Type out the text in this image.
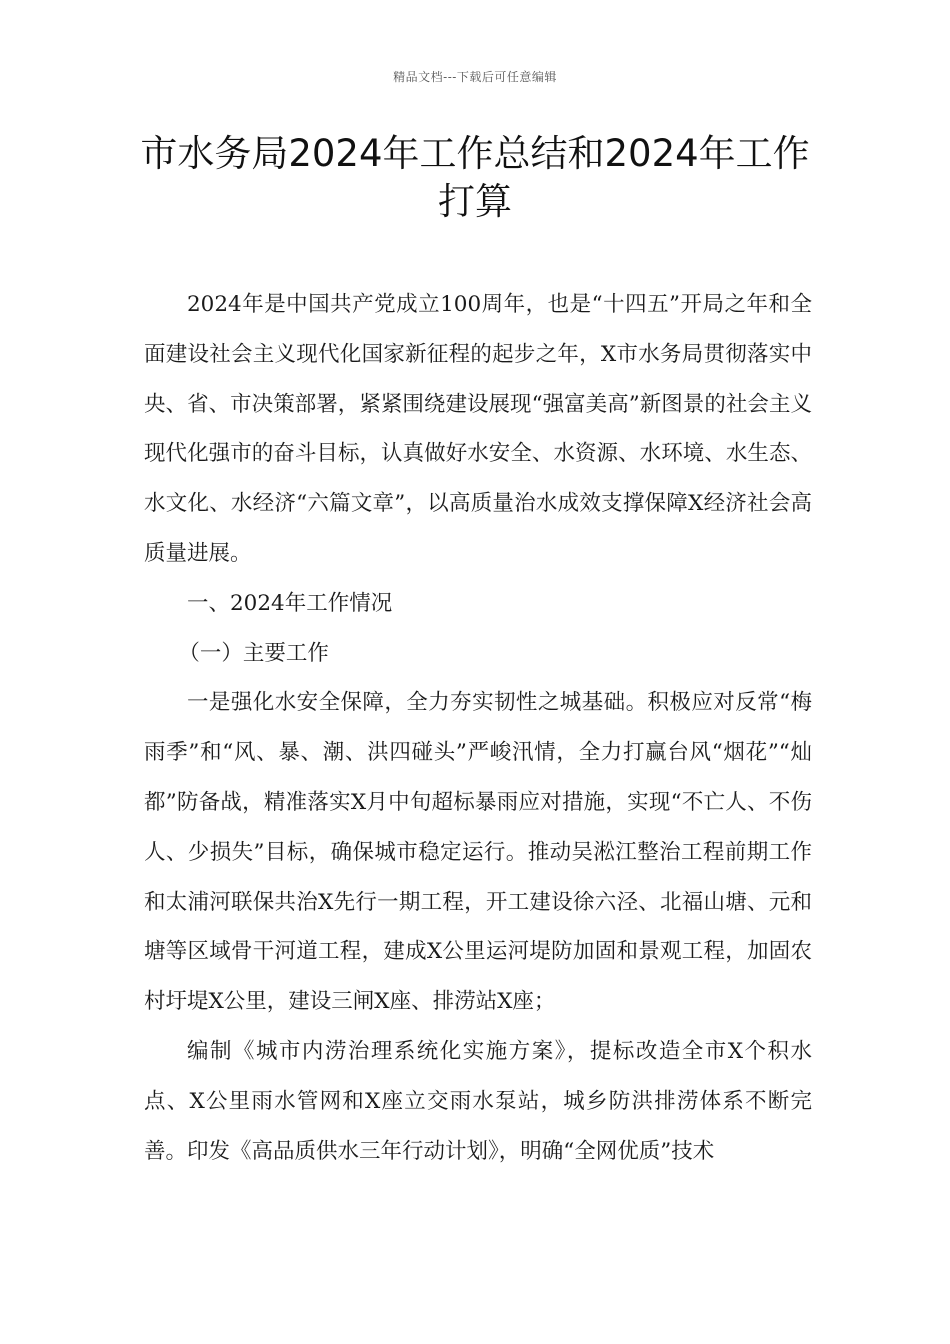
精品文档---下载后可任意编辑
市水务局2024年工作总结和2024年工作打算

2024年是中国共产党成立100周年，也是“十四五”开局之年和全面建设社会主义现代化国家新征程的起步之年，X市水务局贯彻落实中央、省、市决策部署，紧紧围绕建设展现“强富美高”新图景的社会主义现代化强市的奋斗目标，认真做好水安全、水资源、水环境、水生态、水文化、水经济“六篇文章”，以高质量治水成效支撑保障X经济社会高质量进展。

一、2024年工作情况

（一）主要工作

一是强化水安全保障，全力夯实韧性之城基础。积极应对反常“梅雨季”和“风、暴、潮、洪四碰头”严峻汛情，全力打赢台风“烟花”“灿都”防备战，精准落实X月中旬超标暴雨应对措施，实现“不亡人、不伤人、少损失”目标，确保城市稳定运行。推动吴淞江整治工程前期工作和太浦河联保共治X先行一期工程，开工建设徐六泾、北福山塘、元和塘等区域骨干河道工程，建成X公里运河堤防加固和景观工程，加固农村圩堤X公里，建设三闸X座、排涝站X座；

编制《城市内涝治理系统化实施方案》，提标改造全市X个积水点、X公里雨水管网和X座立交雨水泵站，城乡防洪排涝体系不断完善。印发《高品质供水三年行动计划》，明确“全网优质”技术
